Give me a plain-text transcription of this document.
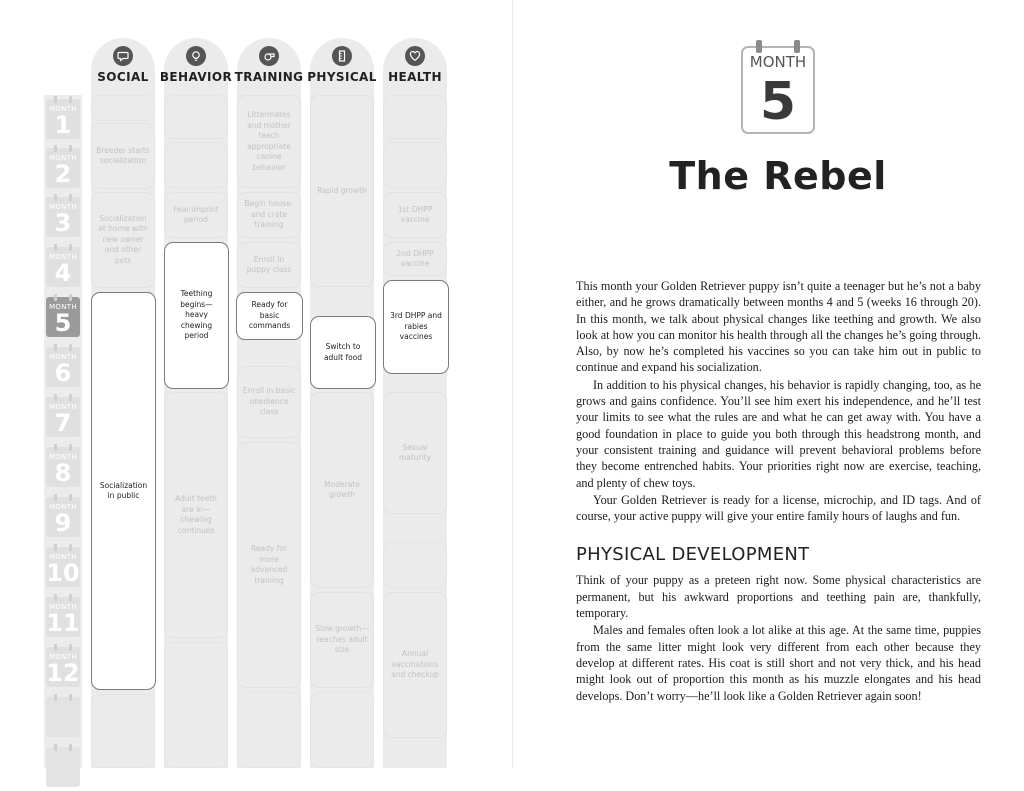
MONTH
1
MONTH
2
MONTH
3
MONTH
4
MONTH
5
MONTH
6
MONTH
7
MONTH
8
MONTH
9
MONTH
10
MONTH
11
MONTH
12
SOCIAL BEHAVIOR TRAINING PHYSICAL HEALTH
Breeder starts socialization
Socialization at home with new owner and other pets
Socialization in public
Fear-imprint period
Teething begins—heavy chewing period
Adult teeth are in—chewing continues
Littermates and mother teach appropriate canine behavior
Begin house- and crate training
Enroll in puppy class
Ready for basic commands
Enroll in basic obedience class
Ready for more advanced training
Rapid growth
Switch to adult food
Moderate growth
Slow growth—reaches adult size
1st DHPP vaccine
2nd DHPP vaccine
3rd DHPP and rabies vaccines
Sexual maturity
Annual vaccinations and checkup
MONTH
5
The Rebel

This month your Golden Retriever puppy isn’t quite a teenager but he’s not a baby either, and he grows dramatically between months 4 and 5 (weeks 16 through 20). In this month, we talk about physical changes like teething and growth. We also look at how you can monitor his health through all the changes he’s going through. Also, by now he’s completed his vaccines so you can take him out in public to continue and expand his socialization.

In addition to his physical changes, his behavior is rapidly changing, too, as he grows and gains confidence. You’ll see him exert his independence, and he’ll test your limits to see what the rules are and what he can get away with. You have a good foundation in place to guide you both through this headstrong month, and your consistent training and guidance will prevent behavioral problems before they become entrenched habits. Your priorities right now are exercise, teaching, and plenty of chew toys.

Your Golden Retriever is ready for a license, microchip, and ID tags. And of course, your active puppy will give your entire family hours of laughs and fun.

PHYSICAL DEVELOPMENT

Think of your puppy as a preteen right now. Some physical characteristics are permanent, but his awkward proportions and teething pain are, thankfully, temporary.

Males and females often look a lot alike at this age. At the same time, puppies from the same litter might look very different from each other because they develop at different rates. His coat is still short and not very thick, and his head might look out of proportion this month as his muzzle elongates and his head develops. Don’t worry—he’ll look like a Golden Retriever again soon!
